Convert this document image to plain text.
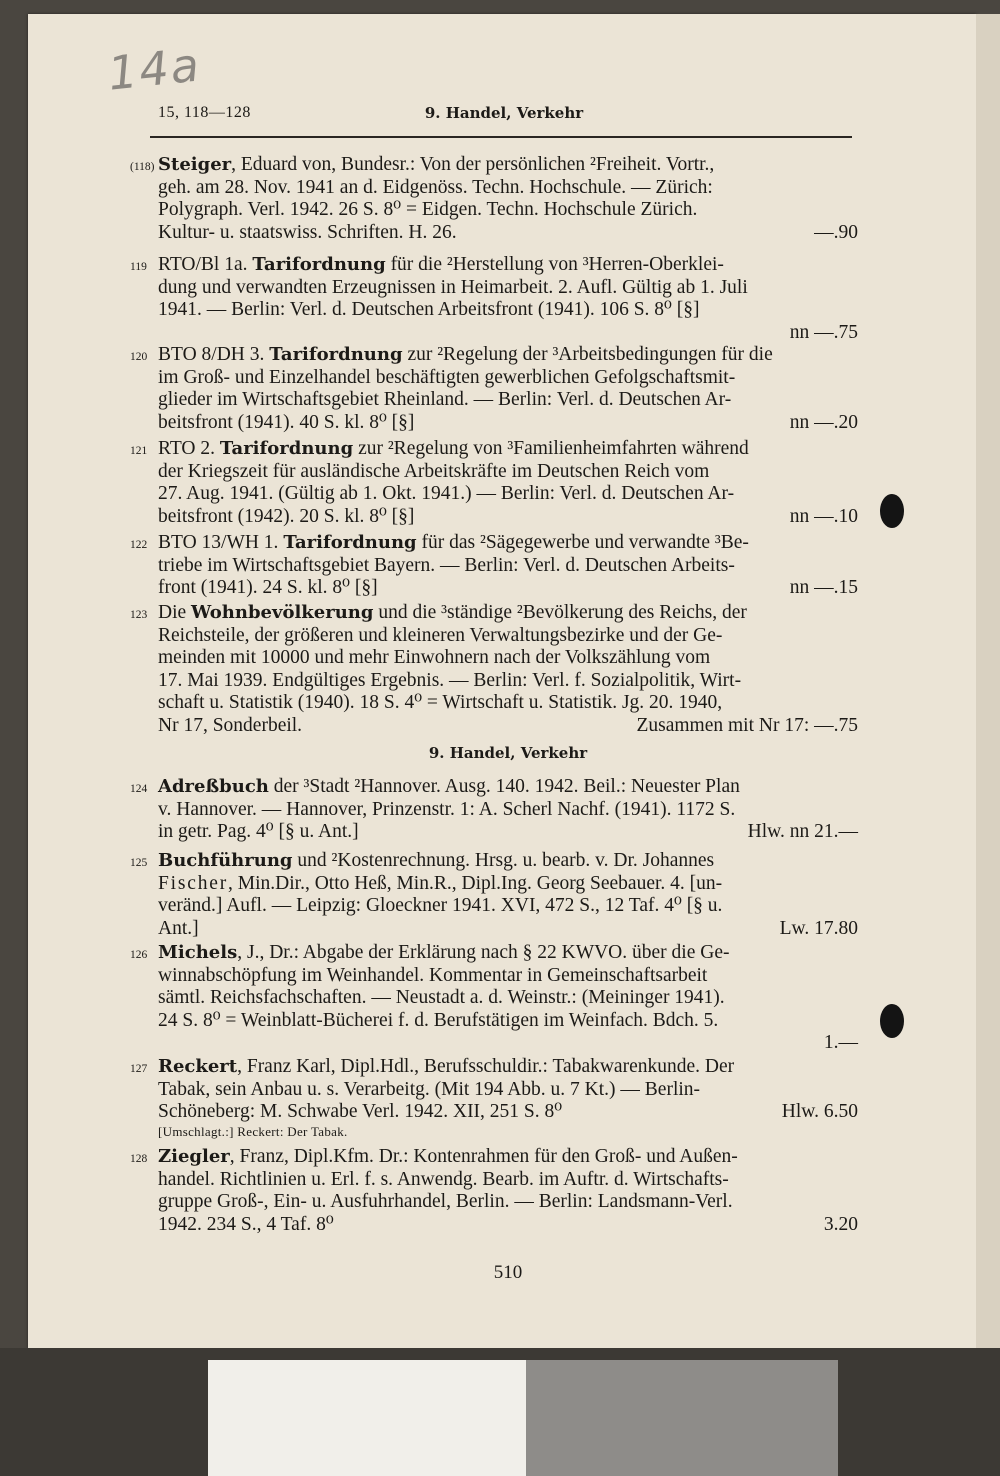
14a
15, 118—128	9. Handel, Verkehr
(118) Steiger, Eduard von, Bundesr.: Von der persönlichen ²Freiheit. Vortr.,
geh. am 28. Nov. 1941 an d. Eidgenöss. Techn. Hochschule. — Zürich:
Polygraph. Verl. 1942. 26 S. 8⁰ = Eidgen. Techn. Hochschule Zürich.
Kultur- u. staatswiss. Schriften. H. 26.	—.90
119 RTO/Bl 1a. Tarifordnung für die ²Herstellung von ³Herren-Oberklei-
dung und verwandten Erzeugnissen in Heimarbeit. 2. Aufl. Gültig ab 1. Juli
1941. — Berlin: Verl. d. Deutschen Arbeitsfront (1941). 106 S. 8⁰ [§]
nn —.75
120 BTO 8/DH 3. Tarifordnung zur ²Regelung der ³Arbeitsbedingungen für die
im Groß- und Einzelhandel beschäftigten gewerblichen Gefolgschaftsmit-
glieder im Wirtschaftsgebiet Rheinland. — Berlin: Verl. d. Deutschen Ar-
beitsfront (1941). 40 S. kl. 8⁰ [§]	nn —.20
121 RTO 2. Tarifordnung zur ²Regelung von ³Familienheimfahrten während
der Kriegszeit für ausländische Arbeitskräfte im Deutschen Reich vom
27. Aug. 1941. (Gültig ab 1. Okt. 1941.) — Berlin: Verl. d. Deutschen Ar-
beitsfront (1942). 20 S. kl. 8⁰ [§]	nn —.10
122 BTO 13/WH 1. Tarifordnung für das ²Sägegewerbe und verwandte ³Be-
triebe im Wirtschaftsgebiet Bayern. — Berlin: Verl. d. Deutschen Arbeits-
front (1941). 24 S. kl. 8⁰ [§]	nn —.15
123 Die Wohnbevölkerung und die ³ständige ²Bevölkerung des Reichs, der
Reichsteile, der größeren und kleineren Verwaltungsbezirke und der Ge-
meinden mit 10000 und mehr Einwohnern nach der Volkszählung vom
17. Mai 1939. Endgültiges Ergebnis. — Berlin: Verl. f. Sozialpolitik, Wirt-
schaft u. Statistik (1940). 18 S. 4⁰ = Wirtschaft u. Statistik. Jg. 20. 1940,
Nr 17, Sonderbeil.	Zusammen mit Nr 17: —.75
9. Handel, Verkehr
124 Adreßbuch der ³Stadt ²Hannover. Ausg. 140. 1942. Beil.: Neuester Plan
v. Hannover. — Hannover, Prinzenstr. 1: A. Scherl Nachf. (1941). 1172 S.
in getr. Pag. 4⁰ [§ u. Ant.]	Hlw. nn 21.—
125 Buchführung und ²Kostenrechnung. Hrsg. u. bearb. v. Dr. Johannes
Fischer, Min.Dir., Otto Heß, Min.R., Dipl.Ing. Georg Seebauer. 4. [un-
veränd.] Aufl. — Leipzig: Gloeckner 1941. XVI, 472 S., 12 Taf. 4⁰ [§ u.
Ant.]	Lw. 17.80
126 Michels, J., Dr.: Abgabe der Erklärung nach § 22 KWVO. über die Ge-
winnabschöpfung im Weinhandel. Kommentar in Gemeinschaftsarbeit
sämtl. Reichsfachschaften. — Neustadt a. d. Weinstr.: (Meininger 1941).
24 S. 8⁰ = Weinblatt-Bücherei f. d. Berufstätigen im Weinfach. Bdch. 5.
1.—
127 Reckert, Franz Karl, Dipl.Hdl., Berufsschuldir.: Tabakwarenkunde. Der
Tabak, sein Anbau u. s. Verarbeitg. (Mit 194 Abb. u. 7 Kt.) — Berlin-
Schöneberg: M. Schwabe Verl. 1942. XII, 251 S. 8⁰	Hlw. 6.50
[Umschlagt.:] Reckert: Der Tabak.
128 Ziegler, Franz, Dipl.Kfm. Dr.: Kontenrahmen für den Groß- und Außen-
handel. Richtlinien u. Erl. f. s. Anwendg. Bearb. im Auftr. d. Wirtschafts-
gruppe Groß-, Ein- u. Ausfuhrhandel, Berlin. — Berlin: Landsmann-Verl.
1942. 234 S., 4 Taf. 8⁰	3.20
510
